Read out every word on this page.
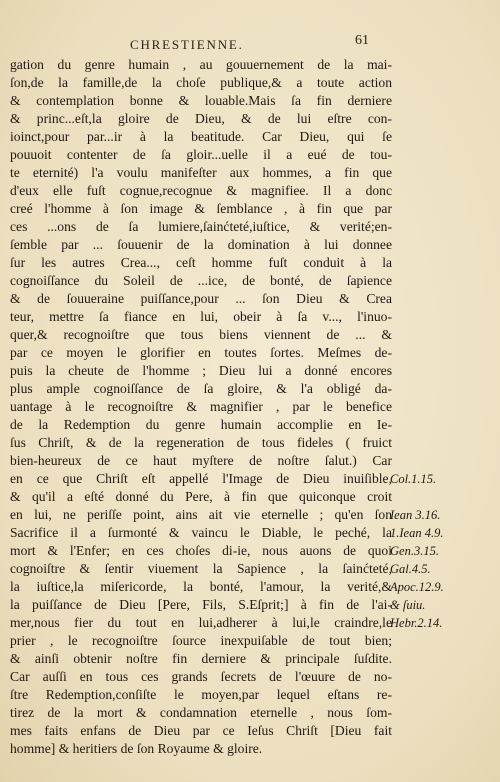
CHRESTIENNE.	61
gation du genre humain , au gouuernement de la mai-
ſon,de la famille,de la choſe publique,& a toute action
& contemplation bonne & louable.Mais ſa fin derniere
& princ...eſt,la gloire de Dieu, & de lui eſtre con-
ioinct,pour par...ir à la beatitude. Car Dieu, qui ſe
pouuoit contenter de ſa gloir...uelle il a eué de tou-
te eternité) l'a voulu manifeſter aux hommes, a fin que
d'eux elle fuſt cognue,recognue & magnifiee. Il a donc
creé l'homme à ſon image & ſemblance , à fin que par
ces ...ons de ſa lumiere,ſainćteté,iuſtice, & verité;en-
ſemble par ... ſouuenir de la domination à lui donnee
ſur les autres Crea..., ceſt homme fuſt conduit à la
cognoiſſance du Soleil de ...ice, de bonté, de ſapience
& de ſouueraine puiſſance,pour ... ſon Dieu & Crea
teur, mettre ſa fiance en lui, obeir à ſa v..., l'inuo-
quer,& recognoiſtre que tous biens viennent de ... &
par ce moyen le glorifier en toutes ſortes. Meſmes de-
puis la cheute de l'homme ; Dieu lui a donné encores
plus ample cognoiſſance de ſa gloire, & l'a obligé da-
uantage à le recognoiſtre & magnifier , par le benefice
de la Redemption du genre humain accomplie en Ie-
ſus Chriſt, & de la regeneration de tous fideles ( fruict
bien-heureux de ce haut myſtere de noſtre ſalut.) Car
en ce que Chriſt eſt appellé l'Image de Dieu inuiſible,
& qu'il a eſté donné du Pere, à fin que quiconque croit
en lui, ne periſſe point, ains ait vie eternelle ; qu'en ſon
Sacrifice il a ſurmonté & vaincu le Diable, le peché, la
mort & l'Enfer; en ces choſes di-ie, nous auons de quoi
cognoiſtre & ſentir viuement la Sapience , la ſainćteté,
la iuſtice,la miſericorde, la bonté, l'amour, la verité,&
la puiſſance de Dieu [Pere, Fils, S.Eſprit;] à fin de l'ai-
mer,nous fier du tout en lui,adherer à lui,le craindre,le
prier , le recognoiſtre ſource inexpuiſable de tout bien;
& ainſi obtenir noſtre fin derniere & principale ſuſdite.
Car auſſi en tous ces grands ſecrets de l'œuure de no-
ſtre Redemption,conſiſte le moyen,par lequel eſtans re-
tirez de la mort & condamnation eternelle , nous ſom-
mes faits enfans de Dieu par ce Ieſus Chriſt [Dieu fait
homme] & heritiers de ſon Royaume & gloire.
Col.1.15.
Iean 3.16.
1.Iean 4.9.
Gen.3.15.
Gal.4.5.
Apoc.12.9.
& ſuiu.
Hebr.2.14.
